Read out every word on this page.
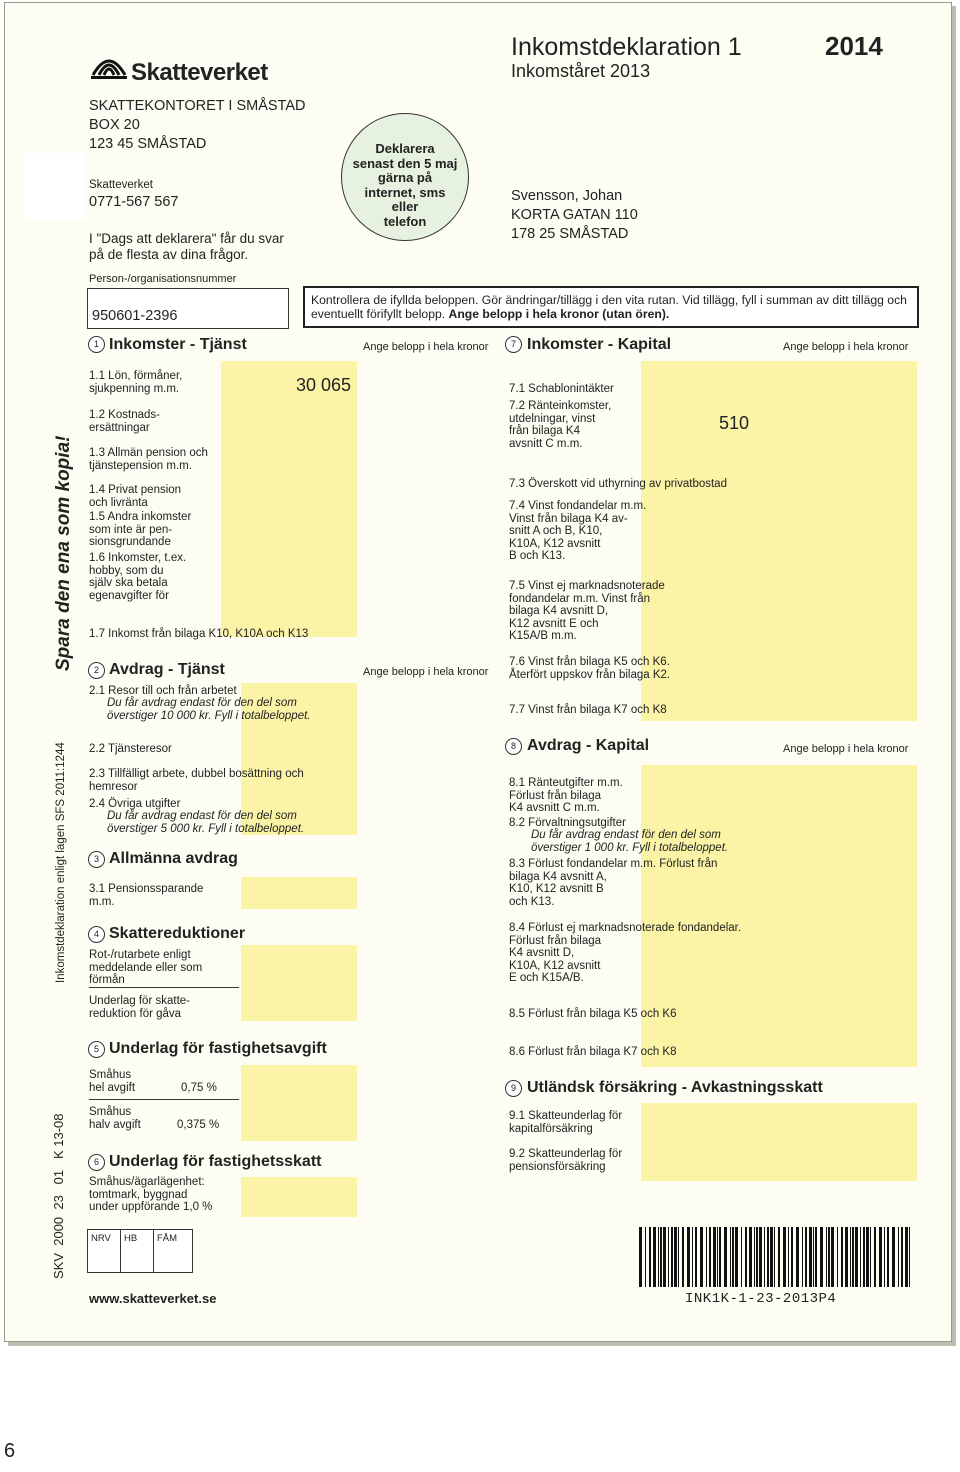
Skatteverket
Inkomstdeklaration 1	2014
Inkomståret 2013
SKATTEKONTORET I SMÅSTAD
BOX 20
123 45 SMÅSTAD
Skatteverket
0771-567 567
I "Dags att deklarera" får du svar
på de flesta av dina frågor.
Deklarera
senast den 5 maj
gärna på
internet, sms
eller
telefon
Svensson, Johan
KORTA GATAN 110
178 25 SMÅSTAD
Person-/organisationsnummer
950601-2396
Kontrollera de ifyllda beloppen. Gör ändringar/tillägg i den vita rutan. Vid tillägg, fyll i summan av ditt tillägg och eventuellt förifyllt belopp. Ange belopp i hela kronor (utan ören).
1 Inkomster - Tjänst	Ange belopp i hela kronor	7 Inkomster - Kapital	Ange belopp i hela kronor
1.1 Lön, förmåner,
sjukpenning m.m.	30 065
1.2 Kostnads-
ersättningar
1.3 Allmän pension och
tjänstepension m.m.
1.4 Privat pension
och livränta
1.5 Andra inkomster
som inte är pen-
sionsgrundande
1.6 Inkomster, t.ex.
hobby, som du
själv ska betala
egenavgifter för
1.7 Inkomst från bilaga K10, K10A och K13
2 Avdrag - Tjänst	Ange belopp i hela kronor
2.1 Resor till och från arbetet
Du får avdrag endast för den del som
överstiger 10 000 kr. Fyll i totalbeloppet.
2.2 Tjänsteresor
2.3 Tillfälligt arbete, dubbel bosättning och
hemresor
2.4 Övriga utgifter
Du får avdrag endast för den del som
överstiger 5 000 kr. Fyll i totalbeloppet.
3 Allmänna avdrag
3.1 Pensionssparande
m.m.
4 Skattereduktioner
Rot-/rutarbete enligt
meddelande eller som
förmån
Underlag för skatte-
reduktion för gåva
5 Underlag för fastighetsavgift
Småhus
hel avgift	0,75 %
Småhus
halv avgift	0,375 %
6 Underlag för fastighetsskatt
Småhus/ägarlägenhet:
tomtmark, byggnad
under uppförande 1,0 %
NRV HB FÅM
www.skatteverket.se
7.1 Schablonintäkter
7.2 Ränteinkomster,
utdelningar, vinst
från bilaga K4
avsnitt C m.m.
510
7.3 Överskott vid uthyrning av privatbostad
7.4 Vinst fondandelar m.m.
Vinst från bilaga K4 av-
snitt A och B, K10,
K10A, K12 avsnitt
B och K13.
7.5 Vinst ej marknadsnoterade
fondandelar m.m. Vinst från
bilaga K4 avsnitt D,
K12 avsnitt E och
K15A/B m.m.
7.6 Vinst från bilaga K5 och K6.
Återfört uppskov från bilaga K2.
7.7 Vinst från bilaga K7 och K8
8 Avdrag - Kapital	Ange belopp i hela kronor
8.1 Ränteutgifter m.m.
Förlust från bilaga
K4 avsnitt C m.m.
8.2 Förvaltningsutgifter
Du får avdrag endast för den del som
överstiger 1 000 kr. Fyll i totalbeloppet.
8.3 Förlust fondandelar m.m. Förlust från
bilaga K4 avsnitt A,
K10, K12 avsnitt B
och K13.
8.4 Förlust ej marknadsnoterade fondandelar.
Förlust från bilaga
K4 avsnitt D,
K10A, K12 avsnitt
E och K15A/B.
8.5 Förlust från bilaga K5 och K6
8.6 Förlust från bilaga K7 och K8
9 Utländsk försäkring - Avkastningsskatt
9.1 Skatteunderlag för
kapitalförsäkring
9.2 Skatteunderlag för
pensionsförsäkring
INK1K-1-23-2013P4
Spara den ena som kopia!
Inkomstdeklaration enligt lagen SFS 2011:1244
SKV  2000  23   01   K 13-08
6
